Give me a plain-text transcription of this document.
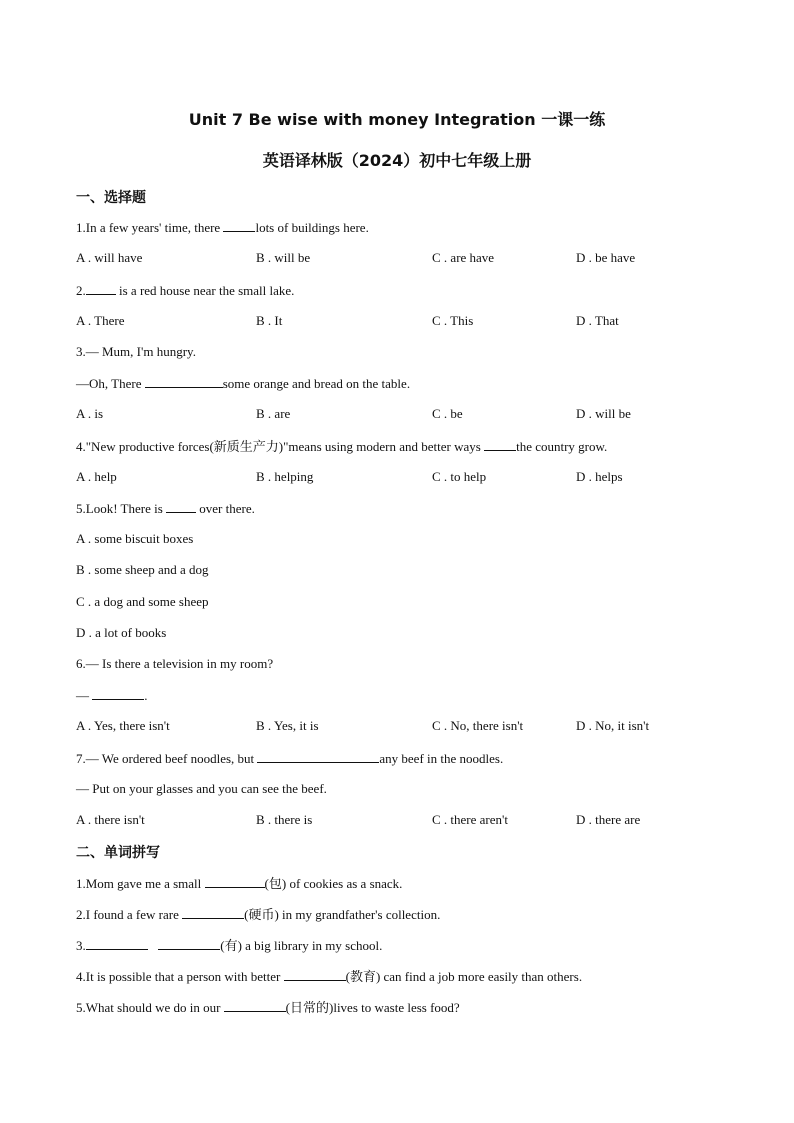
Unit 7 Be wise with money Integration 一课一练
英语译林版（2024）初中七年级上册
一、选择题
1.In a few years' time, there lots of buildings here.
A . will have	B . will be	C . are have	D . be have
2. is a red house near the small lake.
A . There	B . It	C . This	D . That
3.— Mum, I'm hungry.
—Oh, There	some orange and bread on the table.
A . is	B . are	C . be	D . will be
4."New productive forces(新质生产力)"means using modern and better ways the country grow.
A . help	B . helping	C . to help	D . helps
5.Look! There is  over there.
A . some biscuit boxes
B . some sheep and a dog
C . a dog and some sheep
D . a lot of books
6.— Is there a television in my room?
—	.
A . Yes, there isn't	B . Yes, it is	C . No, there isn't	D . No, it isn't
7.— We ordered beef noodles, but	any beef in the noodles.
— Put on your glasses and you can see the beef.
A . there isn't	B . there is	C . there aren't	D . there are
二、单词拼写
1.Mom gave me a small	(包) of cookies as a snack.
2.I found a few rare	(硬币) in my grandfather's collection.
3.	(有) a big library in my school.
4.It is possible that a person with better	(教育) can find a job more easily than others.
5.What should we do in our	(日常的)lives to waste less food?
